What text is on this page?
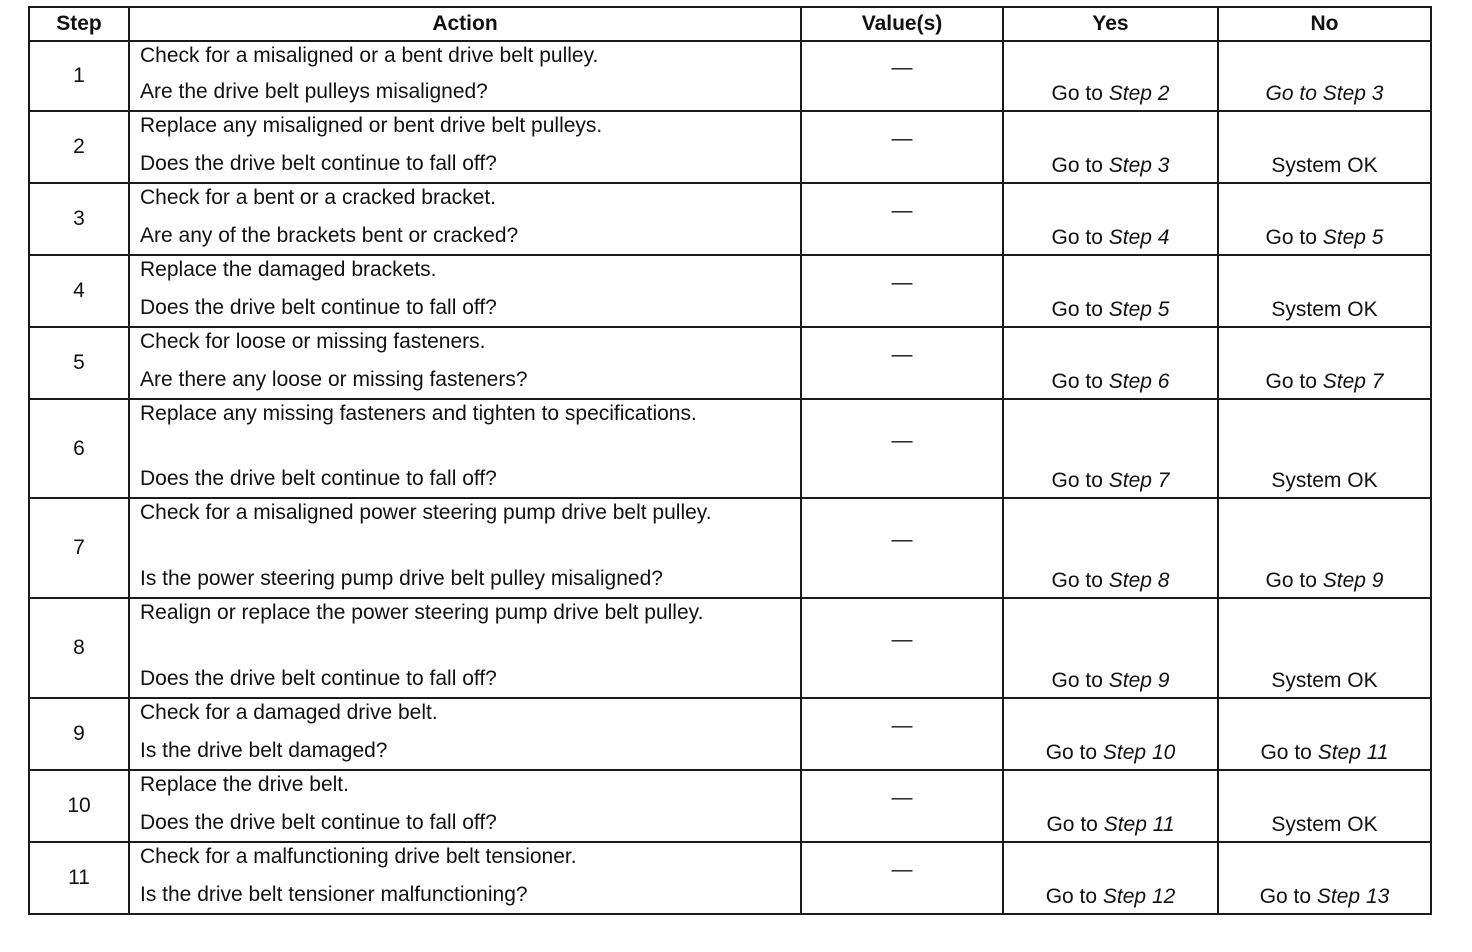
Step	Action	Value(s)	Yes	No
1	Check for a misaligned or a bent drive belt pulley.
Are the drive belt pulleys misaligned?	—	Go to Step 2	Go to Step 3

2	Replace any misaligned or bent drive belt pulleys.
Does the drive belt continue to fall off?	—	Go to Step 3	System OK

3	Check for a bent or a cracked bracket.
Are any of the brackets bent or cracked?	—	Go to Step 4	Go to Step 5

4	Replace the damaged brackets.
Does the drive belt continue to fall off?	—	Go to Step 5	System OK

5	Check for loose or missing fasteners.
Are there any loose or missing fasteners?	—	Go to Step 6	Go to Step 7

6	Replace any missing fasteners and tighten to specifications.
Does the drive belt continue to fall off?	—	Go to Step 7	System OK

7	Check for a misaligned power steering pump drive belt pulley.
Is the power steering pump drive belt pulley misaligned?	—	Go to Step 8	Go to Step 9

8	Realign or replace the power steering pump drive belt pulley.
Does the drive belt continue to fall off?	—	Go to Step 9	System OK

9	Check for a damaged drive belt.
Is the drive belt damaged?	—	Go to Step 10	Go to Step 11

10	Replace the drive belt.
Does the drive belt continue to fall off?	—	Go to Step 11	System OK

11	Check for a malfunctioning drive belt tensioner.
Is the drive belt tensioner malfunctioning?	—	Go to Step 12	Go to Step 13
